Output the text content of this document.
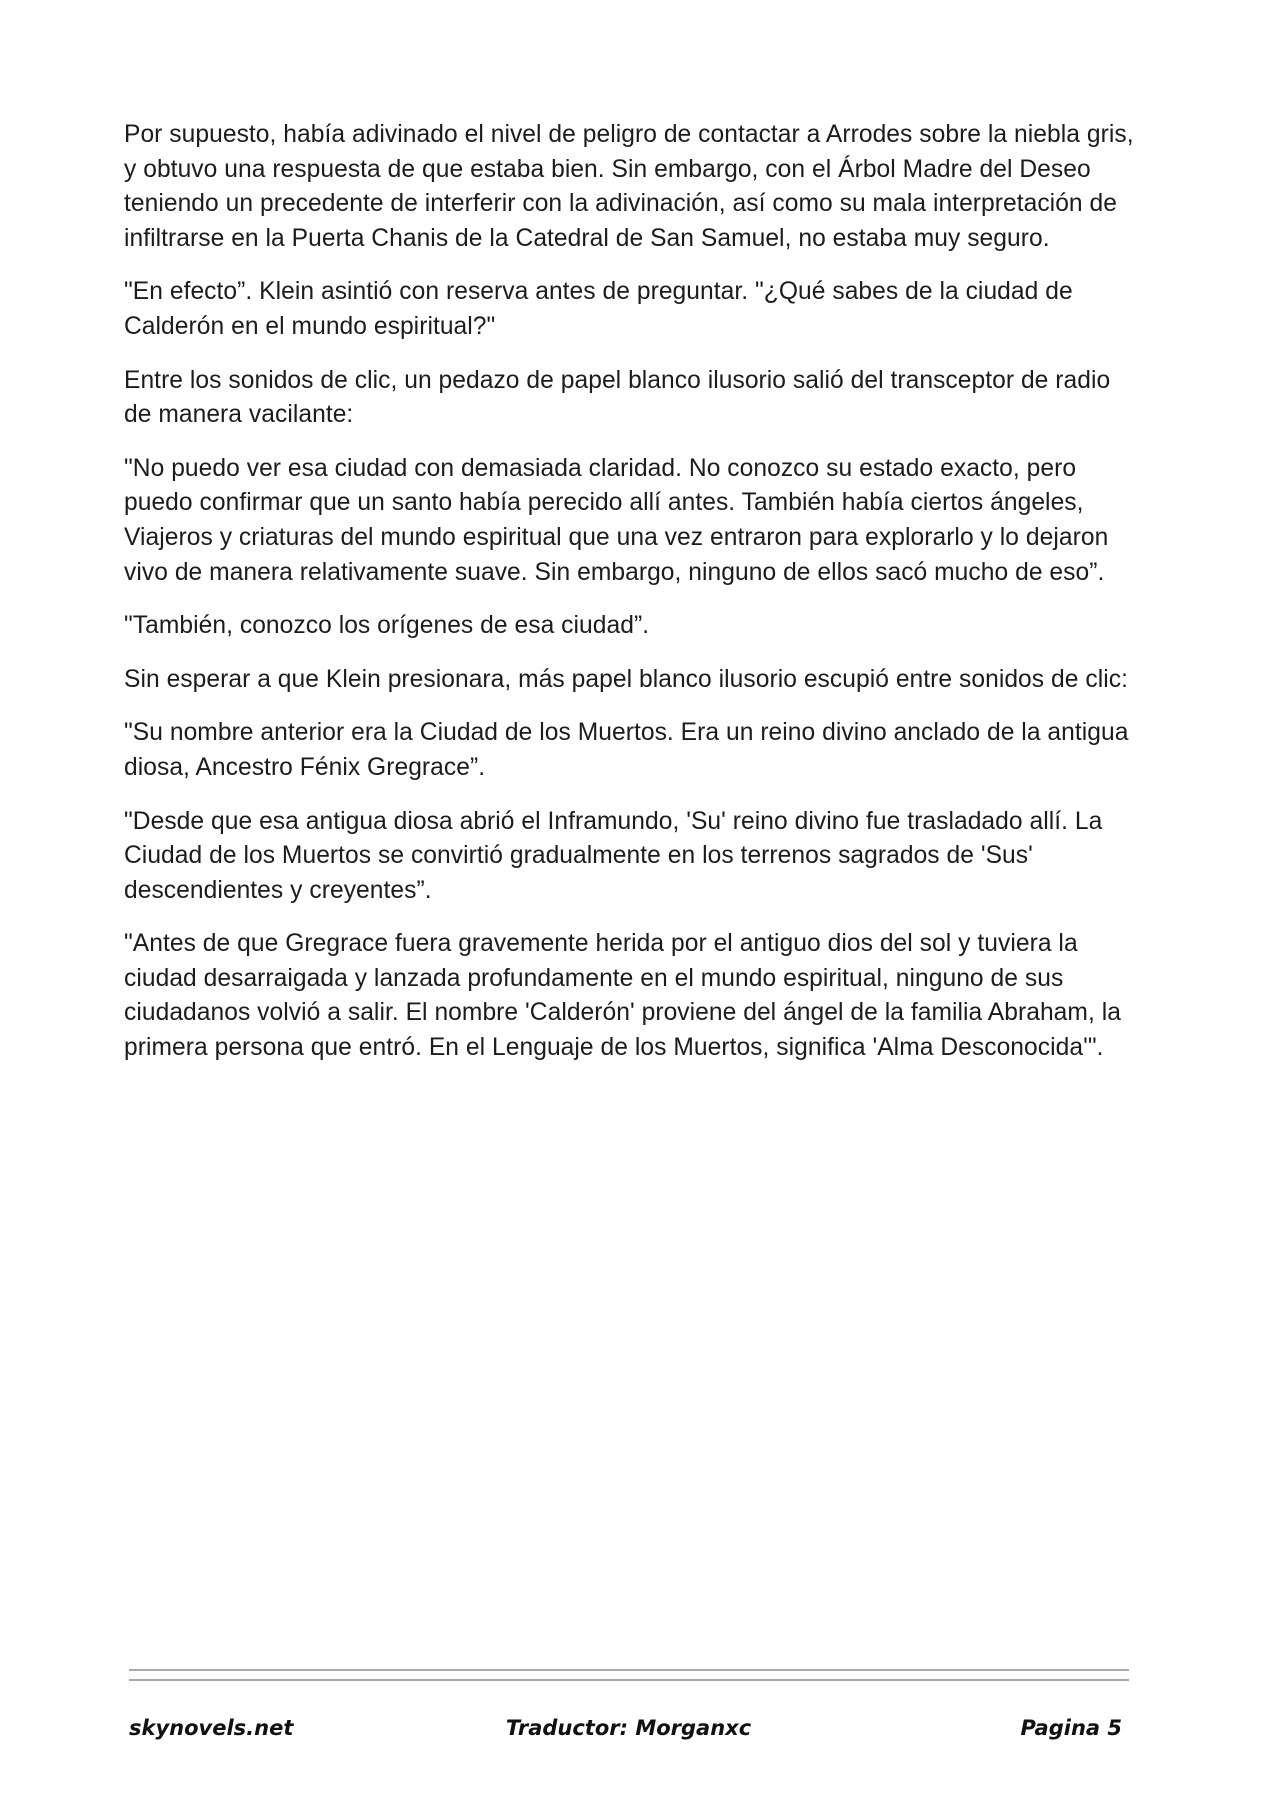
Por supuesto, había adivinado el nivel de peligro de contactar a Arrodes sobre la niebla gris, y obtuvo una respuesta de que estaba bien. Sin embargo, con el Árbol Madre del Deseo teniendo un precedente de interferir con la adivinación, así como su mala interpretación de infiltrarse en la Puerta Chanis de la Catedral de San Samuel, no estaba muy seguro.

"En efecto”. Klein asintió con reserva antes de preguntar. "¿Qué sabes de la ciudad de Calderón en el mundo espiritual?"

Entre los sonidos de clic, un pedazo de papel blanco ilusorio salió del transceptor de radio de manera vacilante:

"No puedo ver esa ciudad con demasiada claridad. No conozco su estado exacto, pero puedo confirmar que un santo había perecido allí antes. También había ciertos ángeles, Viajeros y criaturas del mundo espiritual que una vez entraron para explorarlo y lo dejaron vivo de manera relativamente suave. Sin embargo, ninguno de ellos sacó mucho de eso”.

"También, conozco los orígenes de esa ciudad”.

Sin esperar a que Klein presionara, más papel blanco ilusorio escupió entre sonidos de clic:

"Su nombre anterior era la Ciudad de los Muertos. Era un reino divino anclado de la antigua diosa, Ancestro Fénix Gregrace”.

"Desde que esa antigua diosa abrió el Inframundo, 'Su' reino divino fue trasladado allí. La Ciudad de los Muertos se convirtió gradualmente en los terrenos sagrados de 'Sus' descendientes y creyentes”.

"Antes de que Gregrace fuera gravemente herida por el antiguo dios del sol y tuviera la ciudad desarraigada y lanzada profundamente en el mundo espiritual, ninguno de sus ciudadanos volvió a salir. El nombre 'Calderón' proviene del ángel de la familia Abraham, la primera persona que entró. En el Lenguaje de los Muertos, significa 'Alma Desconocida'".

skynovels.net	Traductor: Morganxc	Pagina 5
